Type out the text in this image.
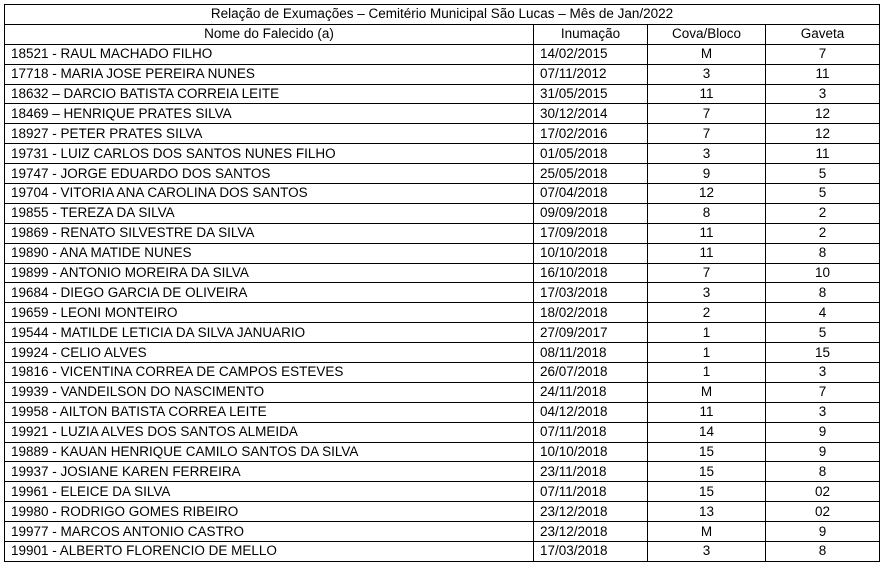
Relação de Exumações – Cemitério Municipal São Lucas – Mês de Jan/2022			
Nome do Falecido (a)	Inumação	Cova/Bloco	Gaveta
18521 - RAUL MACHADO FILHO	14/02/2015	M	7
17718 - MARIA JOSE PEREIRA NUNES	07/11/2012	3	11
18632 – DARCIO BATISTA CORREIA LEITE	31/05/2015	11	3
18469 – HENRIQUE PRATES SILVA	30/12/2014	7	12
18927 - PETER PRATES SILVA	17/02/2016	7	12
19731 - LUIZ CARLOS DOS SANTOS NUNES FILHO	01/05/2018	3	11
19747 - JORGE EDUARDO DOS SANTOS	25/05/2018	9	5
19704 - VITORIA ANA CAROLINA DOS SANTOS	07/04/2018	12	5
19855 - TEREZA DA SILVA	09/09/2018	8	2
19869 - RENATO SILVESTRE DA SILVA	17/09/2018	11	2
19890 - ANA MATIDE NUNES	10/10/2018	11	8
19899 - ANTONIO MOREIRA DA SILVA	16/10/2018	7	10
19684 - DIEGO GARCIA DE OLIVEIRA	17/03/2018	3	8
19659 - LEONI MONTEIRO	18/02/2018	2	4
19544 - MATILDE LETICIA DA SILVA JANUARIO	27/09/2017	1	5
19924 - CELIO ALVES	08/11/2018	1	15
19816 - VICENTINA CORREA DE CAMPOS ESTEVES	26/07/2018	1	3
19939 - VANDEILSON DO NASCIMENTO	24/11/2018	M	7
19958 - AILTON BATISTA CORREA LEITE	04/12/2018	11	3
19921 - LUZIA ALVES DOS SANTOS ALMEIDA	07/11/2018	14	9
19889 - KAUAN HENRIQUE CAMILO SANTOS DA SILVA	10/10/2018	15	9
19937 - JOSIANE KAREN FERREIRA	23/11/2018	15	8
19961 - ELEICE DA SILVA	07/11/2018	15	02
19980 - RODRIGO GOMES RIBEIRO	23/12/2018	13	02
19977 - MARCOS ANTONIO CASTRO	23/12/2018	M	9
19901 - ALBERTO FLORENCIO DE MELLO	17/03/2018	3	8
